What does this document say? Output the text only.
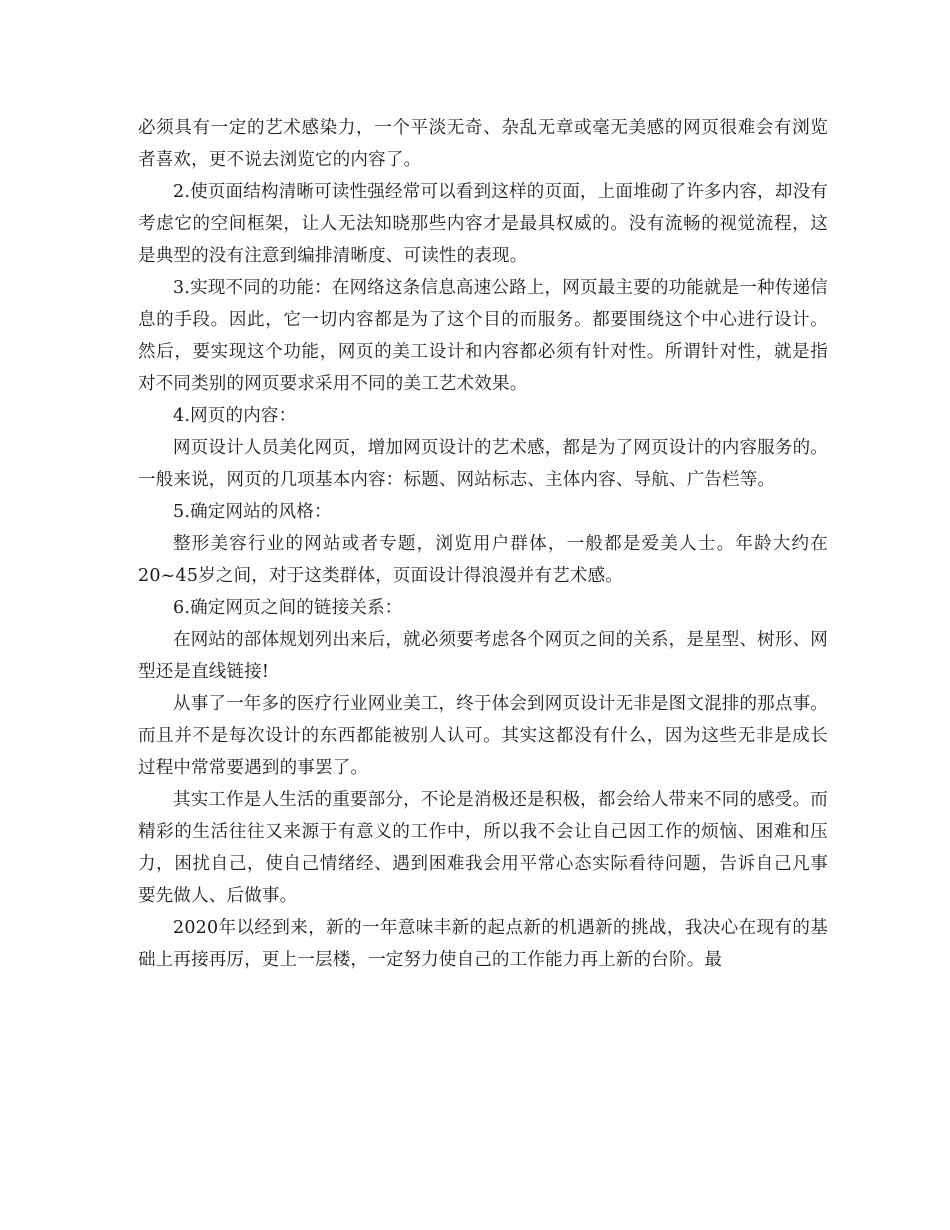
必须具有一定的艺术感染力，一个平淡无奇、杂乱无章或毫无美感的网页很难会有浏览者喜欢，更不说去浏览它的内容了。

2.使页面结构清晰可读性强经常可以看到这样的页面，上面堆砌了许多内容，却没有考虑它的空间框架，让人无法知晓那些内容才是最具权威的。没有流畅的视觉流程，这是典型的没有注意到编排清晰度、可读性的表现。

3.实现不同的功能：在网络这条信息高速公路上，网页最主要的功能就是一种传递信息的手段。因此，它一切内容都是为了这个目的而服务。都要围绕这个中心进行设计。然后，要实现这个功能，网页的美工设计和内容都必须有针对性。所谓针对性，就是指对不同类别的网页要求采用不同的美工艺术效果。

4.网页的内容：

网页设计人员美化网页，增加网页设计的艺术感，都是为了网页设计的内容服务的。一般来说，网页的几项基本内容：标题、网站标志、主体内容、导航、广告栏等。

5.确定网站的风格：

整形美容行业的网站或者专题，浏览用户群体，一般都是爱美人士。年龄大约在20~45岁之间，对于这类群体，页面设计得浪漫并有艺术感。

6.确定网页之间的链接关系：

在网站的部体规划列出来后，就必须要考虑各个网页之间的关系，是星型、树形、网型还是直线链接!

从事了一年多的医疗行业网业美工，终于体会到网页设计无非是图文混排的那点事。而且并不是每次设计的东西都能被别人认可。其实这都没有什么，因为这些无非是成长过程中常常要遇到的事罢了。

其实工作是人生活的重要部分，不论是消极还是积极，都会给人带来不同的感受。而精彩的生活往往又来源于有意义的工作中，所以我不会让自己因工作的烦恼、困难和压力，困扰自己，使自己情绪经、遇到困难我会用平常心态实际看待问题，告诉自己凡事要先做人、后做事。

2020年以经到来，新的一年意味丰新的起点新的机遇新的挑战，我决心在现有的基础上再接再厉，更上一层楼，一定努力使自己的工作能力再上新的台阶。最
